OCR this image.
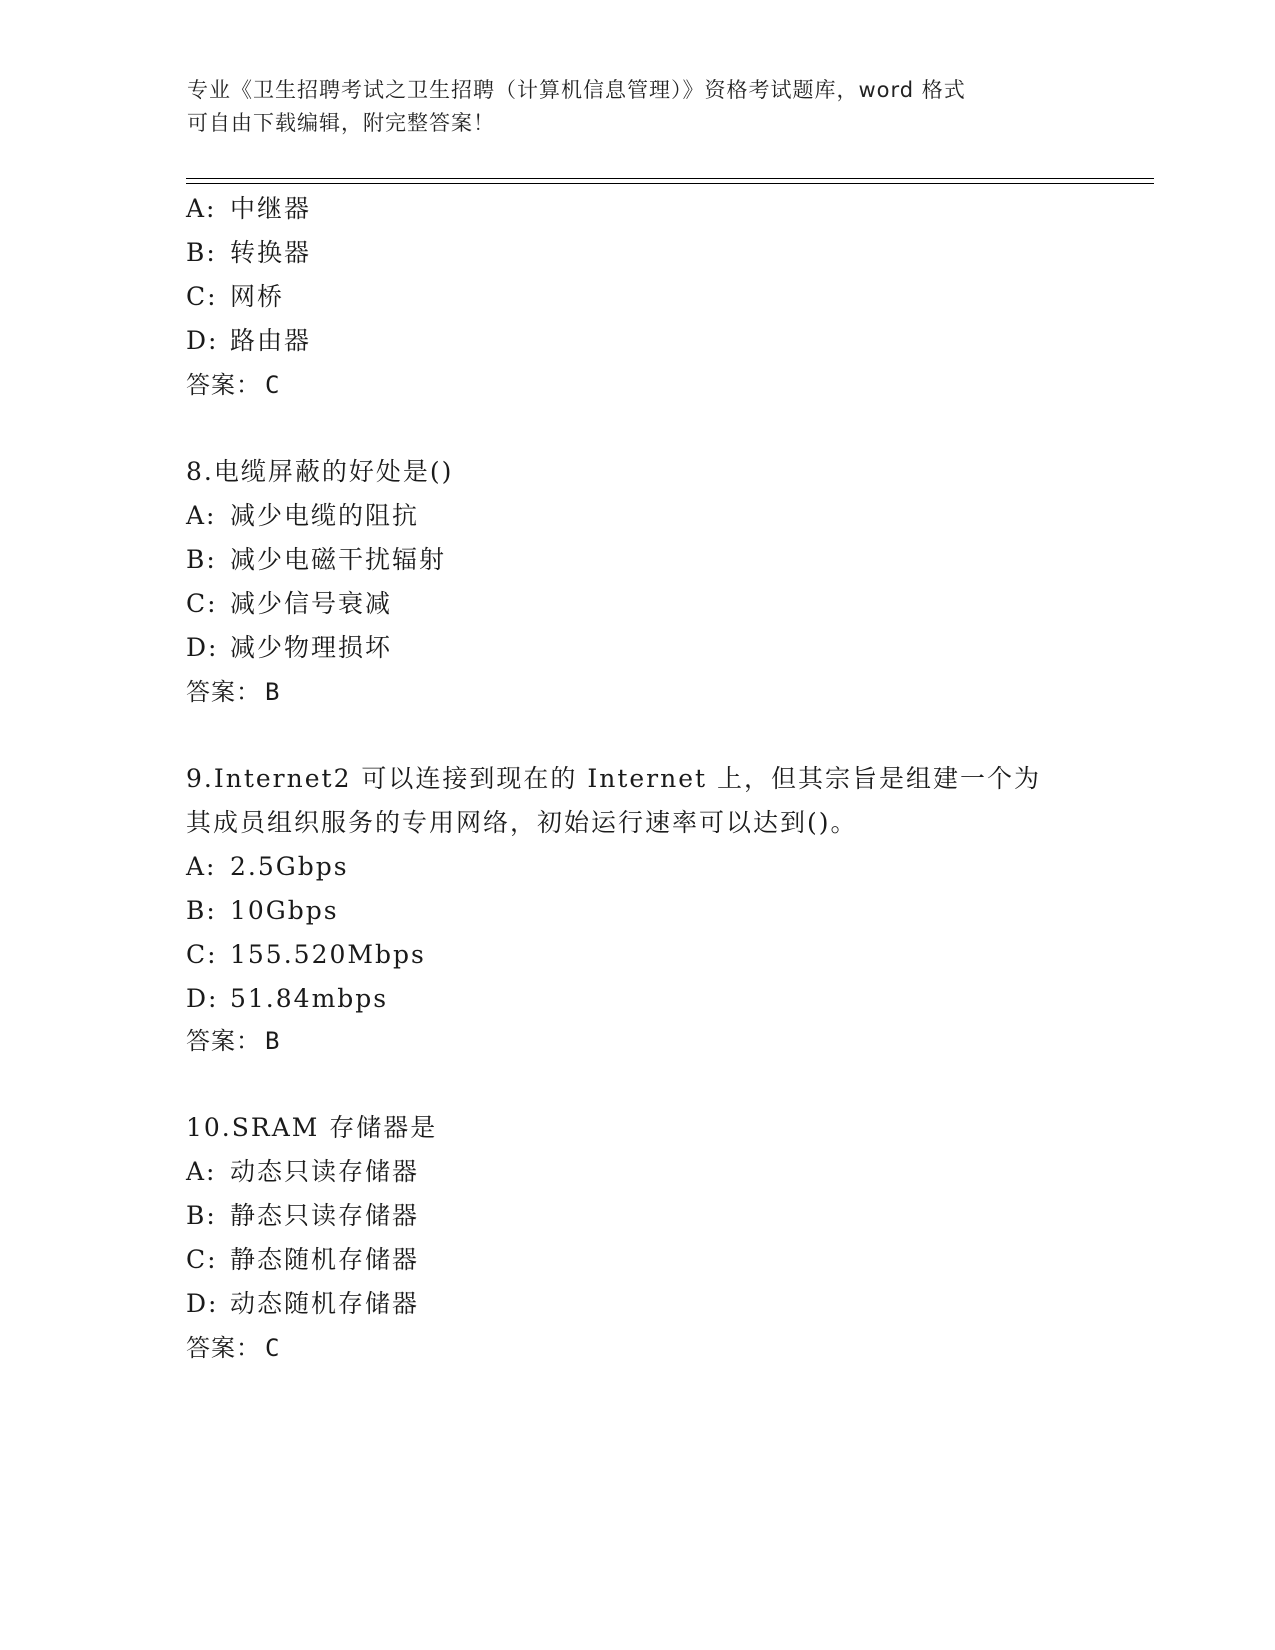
专业《卫生招聘考试之卫生招聘（计算机信息管理）》资格考试题库，word 格式
可自由下载编辑，附完整答案！
A: 中继器
B: 转换器
C: 网桥
D: 路由器
答案： C
8.电缆屏蔽的好处是()
A: 减少电缆的阻抗
B: 减少电磁干扰辐射
C: 减少信号衰减
D: 减少物理损坏
答案： B
9.Internet2 可以连接到现在的 Internet 上，但其宗旨是组建一个为
其成员组织服务的专用网络，初始运行速率可以达到()。
A: 2.5Gbps
B: 10Gbps
C: 155.520Mbps
D: 51.84mbps
答案： B
10.SRAM 存储器是
A: 动态只读存储器
B: 静态只读存储器
C: 静态随机存储器
D: 动态随机存储器
答案： C
